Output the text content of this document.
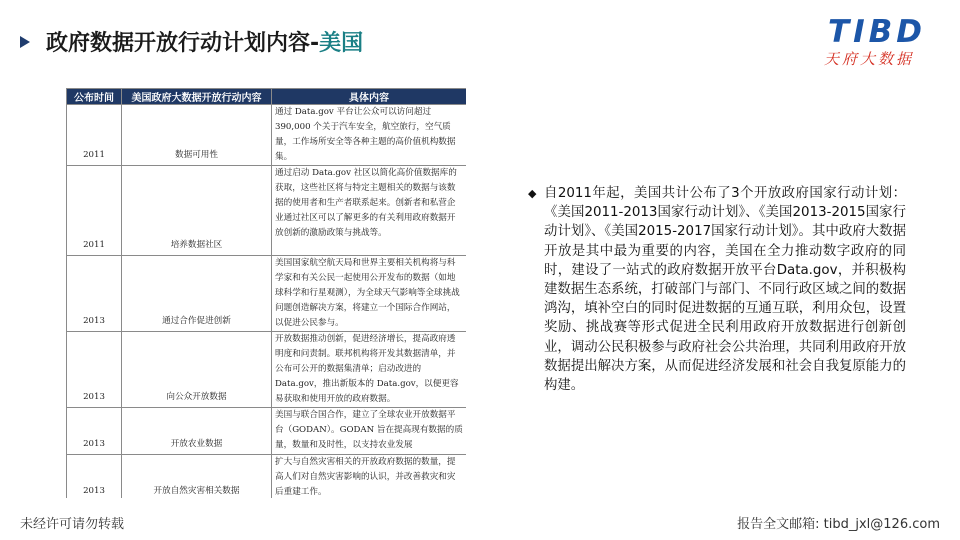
政府数据开放行动计划内容-美国	TIBD
天府大数据
公布时间	美国政府大数据开放行动内容	具体内容
2011	数据可用性	通过 Data.gov 平台让公众可以访问超过 390,000 个关于汽车安全，航空旅行，空气质量，工作场所安全等各种主题的高价值机构数据集。
2011	培养数据社区	通过启动 Data.gov 社区以简化高价值数据库的获取，这些社区将与特定主题相关的数据与该数据的使用者和生产者联系起来。创新者和私营企业通过社区可以了解更多的有关利用政府数据开放创新的激励政策与挑战等。
2013	通过合作促进创新	美国国家航空航天局和世界主要相关机构将与科学家和有关公民一起使用公开发布的数据（如地球科学和行星观测），为全球天气影响等全球挑战问题创造解决方案，将建立一个国际合作网站，以促进公民参与。
2013	向公众开放数据	开放数据推动创新，促进经济增长，提高政府透明度和问责制。联邦机构将开发其数据清单，并公布可公开的数据集清单；启动改进的 Data.gov，推出新版本的 Data.gov，以便更容易获取和使用开放的政府数据。
2013	开放农业数据	美国与联合国合作，建立了全球农业开放数据平台（GODAN）。GODAN 旨在提高现有数据的质量，数量和及时性，以支持农业发展
2013	开放自然灾害相关数据	扩大与自然灾害相关的开放政府数据的数量，提高人们对自然灾害影响的认识，并改善救灾和灾后重建工作。
◆ 自2011年起，美国共计公布了3个开放政府国家行动计划：《美国2011-2013国家行动计划》、《美国2013-2015国家行动计划》、《美国2015-2017国家行动计划》。其中政府大数据开放是其中最为重要的内容，美国在全力推动数字政府的同时，建设了一站式的政府数据开放平台Data.gov，并积极构建数据生态系统，打破部门与部门、不同行政区域之间的数据鸿沟，填补空白的同时促进数据的互通互联，利用众包，设置奖励、挑战赛等形式促进全民利用政府开放数据进行创新创业，调动公民积极参与政府社会公共治理，共同利用政府开放数据提出解决方案，从而促进经济发展和社会自我复原能力的构建。
未经许可请勿转载	报告全文邮箱: tibd_jxl@126.com
